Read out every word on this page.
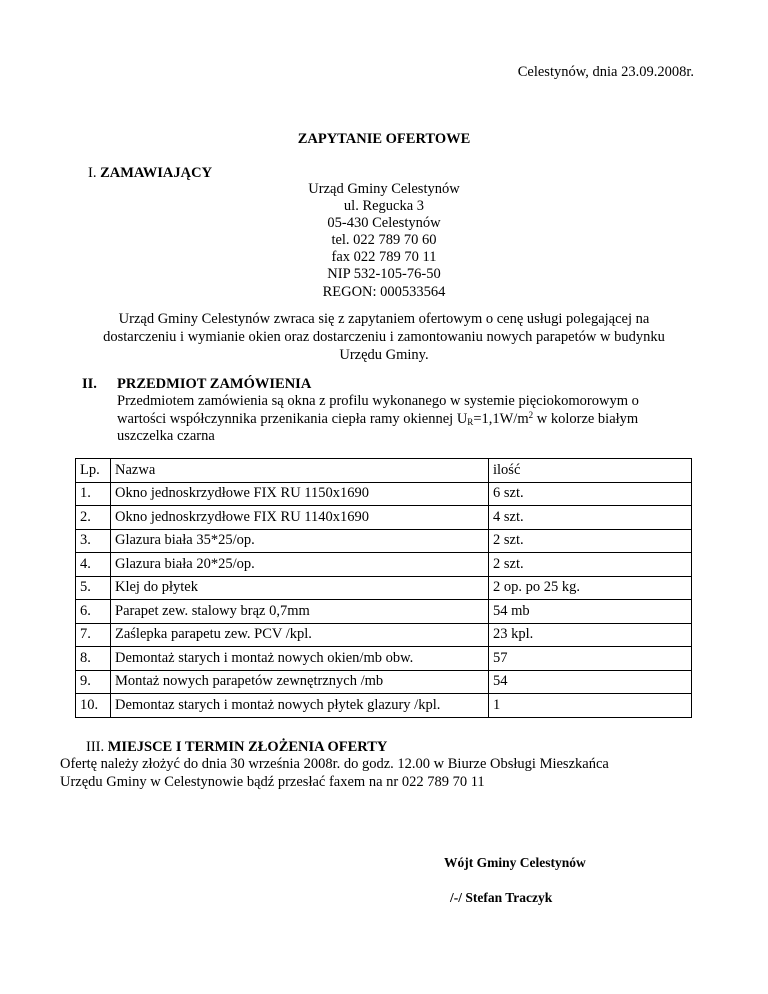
Celestynów, dnia 23.09.2008r.
ZAPYTANIE OFERTOWE
I. ZAMAWIAJĄCY
Urząd Gminy Celestynów
ul. Regucka 3
05-430 Celestynów
tel. 022 789 70 60
fax 022 789 70 11
NIP 532-105-76-50
REGON: 000533564
Urząd Gminy Celestynów zwraca się z zapytaniem ofertowym o cenę usługi polegającej na
dostarczeniu i wymianie okien oraz dostarczeniu i zamontowaniu nowych parapetów w budynku
Urzędu Gminy.
II. PRZEDMIOT ZAMÓWIENIA
Przedmiotem zamówienia są okna z profilu wykonanego w systemie pięciokomorowym o
wartości współczynnika przenikania ciepła ramy okiennej $U_R=1,1W/m^2$ w kolorze białym
uszczelka czarna
Lp.	Nazwa	ilość
1.	Okno jednoskrzydłowe FIX RU 1150x1690	6 szt.
2.	Okno jednoskrzydłowe FIX RU 1140x1690	4 szt.
3.	Glazura biała 35*25/op.	2 szt.
4.	Glazura biała 20*25/op.	2 szt.
5.	Klej do płytek	2 op. po 25 kg.
6.	Parapet zew. stalowy brąz 0,7mm	54 mb
7.	Zaślepka parapetu zew. PCV /kpl.	23 kpl.
8.	Demontaż starych i montaż nowych okien/mb obw.	57
9.	Montaż nowych parapetów zewnętrznych /mb	54
10.	Demontaz starych i montaż nowych płytek glazury /kpl.	1
III. MIEJSCE I TERMIN ZŁOŻENIA OFERTY
Ofertę należy złożyć do dnia 30 września 2008r. do godz. 12.00 w Biurze Obsługi Mieszkańca
Urzędu Gminy w Celestynowie bądź przesłać faxem na nr 022 789 70 11
Wójt Gminy Celestynów
/-/ Stefan Traczyk
